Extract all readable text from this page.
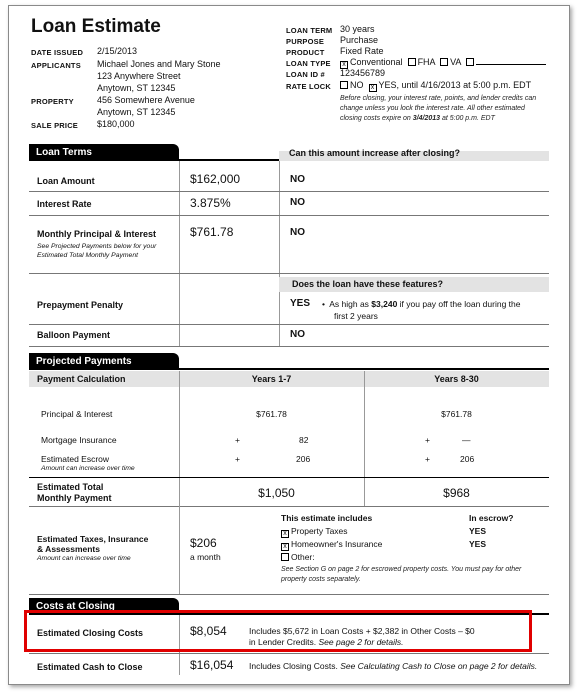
Loan Estimate
DATE ISSUED 2/15/2013
APPLICANTS Michael Jones and Mary Stone
123 Anywhere Street
Anytown, ST 12345
PROPERTY	456 Somewhere Avenue
Anytown, ST 12345
SALE PRICE $180,000
LOAN TERM 30 years
PURPOSE Purchase
PRODUCT Fixed Rate
LOAN TYPE	x Conventional FHA VA
LOAN ID # 123456789
RATE LOCK	NO x YES, until 4/16/2013 at 5:00 p.m. EDT
Before closing, your interest rate, points, and lender credits can
change unless you lock the interest rate. All other estimated
closing costs expire on 3/4/2013 at 5:00 p.m. EDT
Loan Terms	Can this amount increase after closing?
Loan Amount	$162,000	NO
Interest Rate	3.875%	NO
Monthly Principal & Interest
See Projected Payments below for your
Estimated Total Monthly Payment
$761.78	NO
Does the loan have these features?
Prepayment Penalty	YES •  As high as $3,240 if you pay off the loan during the
first 2 years
Balloon Payment	NO
Projected Payments
Payment Calculation	Years 1-7	Years 8-30
Principal & Interest	$761.78	$761.78
Mortgage Insurance	+	82	+	—
Estimated Escrow
Amount can increase over time
+	206	+	206
Estimated Total
Monthly Payment	$1,050	$968
Estimated Taxes, Insurance
& Assessments
Amount can increase over time
$206
a month
This estimate includes	In escrow?
x Property Taxes	YES
x Homeowner's Insurance	YES
Other:
See Section G on page 2 for escrowed property costs. You must pay for other
property costs separately.
Costs at Closing
Estimated Closing Costs	$8,054	Includes $5,672 in Loan Costs + $2,382 in Other Costs – $0
in Lender Credits. See page 2 for details.
Estimated Cash to Close	$16,054 Includes Closing Costs. See Calculating Cash to Close on page 2 for details.
